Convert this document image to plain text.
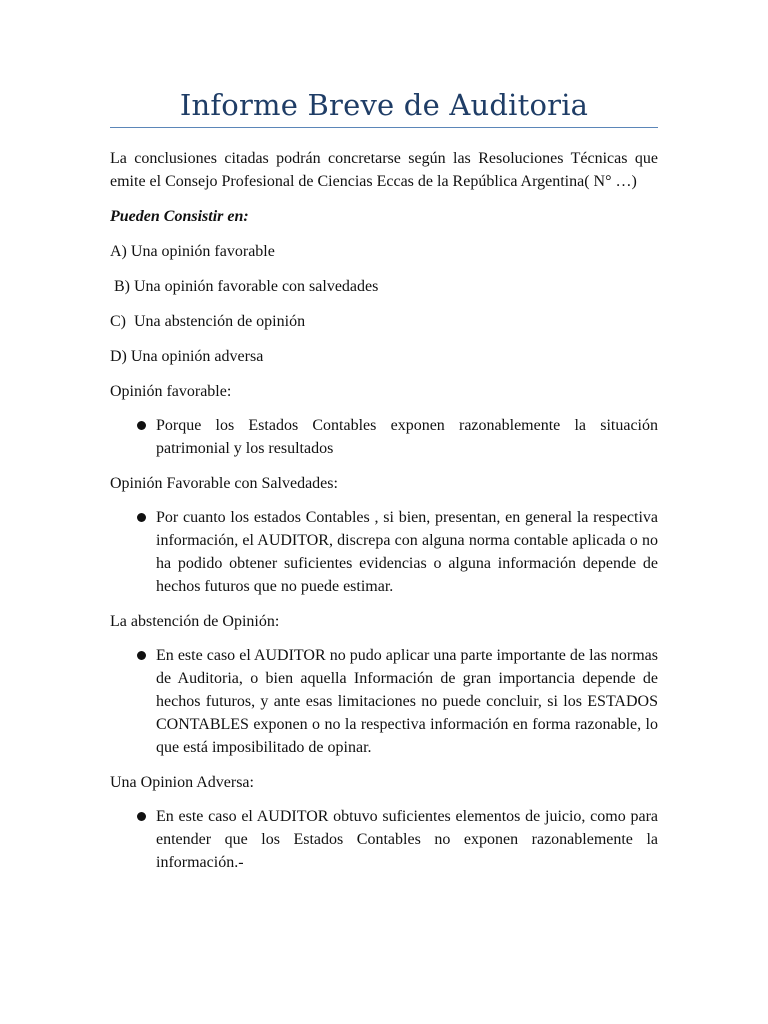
Informe Breve de Auditoria

La conclusiones citadas podrán concretarse según las Resoluciones Técnicas que emite el Consejo Profesional de Ciencias Eccas de la República Argentina( N° …)

Pueden Consistir en:

A) Una opinión favorable

B) Una opinión favorable con salvedades

C)  Una abstención de opinión

D) Una opinión adversa

Opinión favorable:

Porque los Estados Contables exponen razonablemente la situación patrimonial y los resultados

Opinión Favorable con Salvedades:

Por cuanto los estados Contables , si bien, presentan, en general la respectiva información, el AUDITOR, discrepa con alguna norma contable aplicada o no ha podido obtener suficientes evidencias o alguna información depende de hechos futuros que no puede estimar.

La abstención de Opinión:

En este caso el AUDITOR no pudo aplicar una parte importante de las normas de Auditoria, o bien aquella Información de gran importancia depende de hechos futuros, y ante esas limitaciones no puede concluir, si los ESTADOS CONTABLES exponen o no la respectiva información en forma razonable, lo que está imposibilitado de opinar.

Una Opinion Adversa:

En este caso el AUDITOR obtuvo suficientes elementos de juicio, como para entender que los Estados Contables no exponen razonablemente la información.-
